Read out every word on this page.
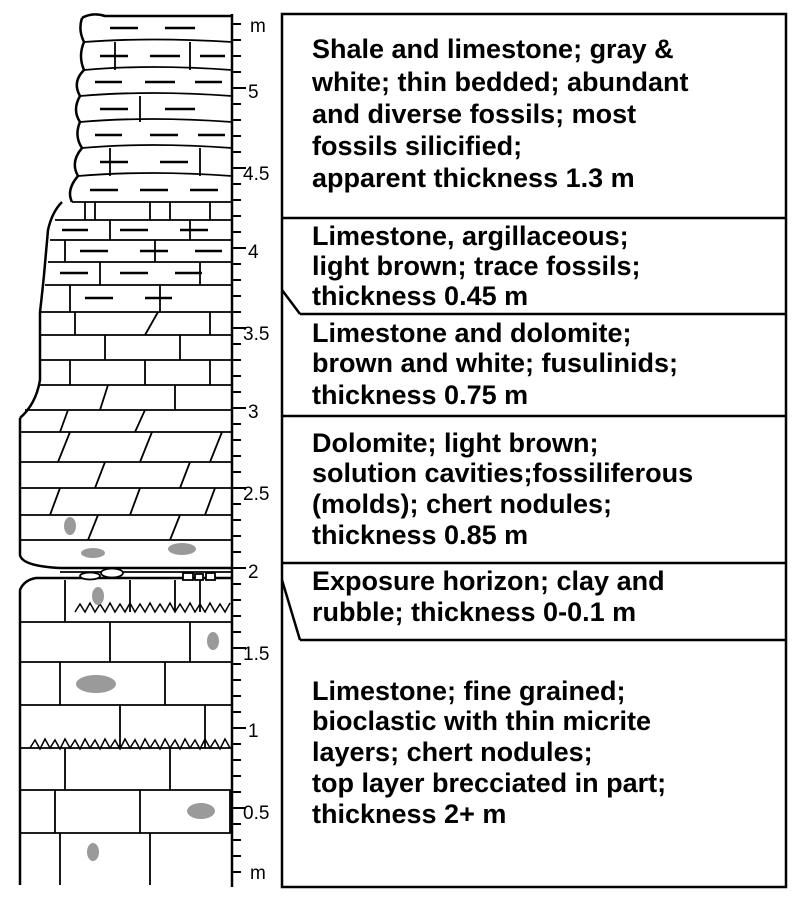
m
m
0.5
1
1.5
2
2.5
3
3.5
4
4.5
5
Shale and limestone; gray & white; thin bedded; abundant and diverse fossils; most fossils silicified; apparent thickness 1.3 m
Limestone, argillaceous; light brown; trace fossils; thickness 0.45 m
Limestone and dolomite; brown and white; fusulinids; thickness 0.75 m
Dolomite; light brown; solution cavities;fossiliferous (molds); chert nodules; thickness 0.85 m
Exposure horizon; clay and rubble; thickness 0-0.1 m
Limestone; fine grained; bioclastic with thin micrite layers; chert nodules; top layer brecciated in part; thickness 2+ m
